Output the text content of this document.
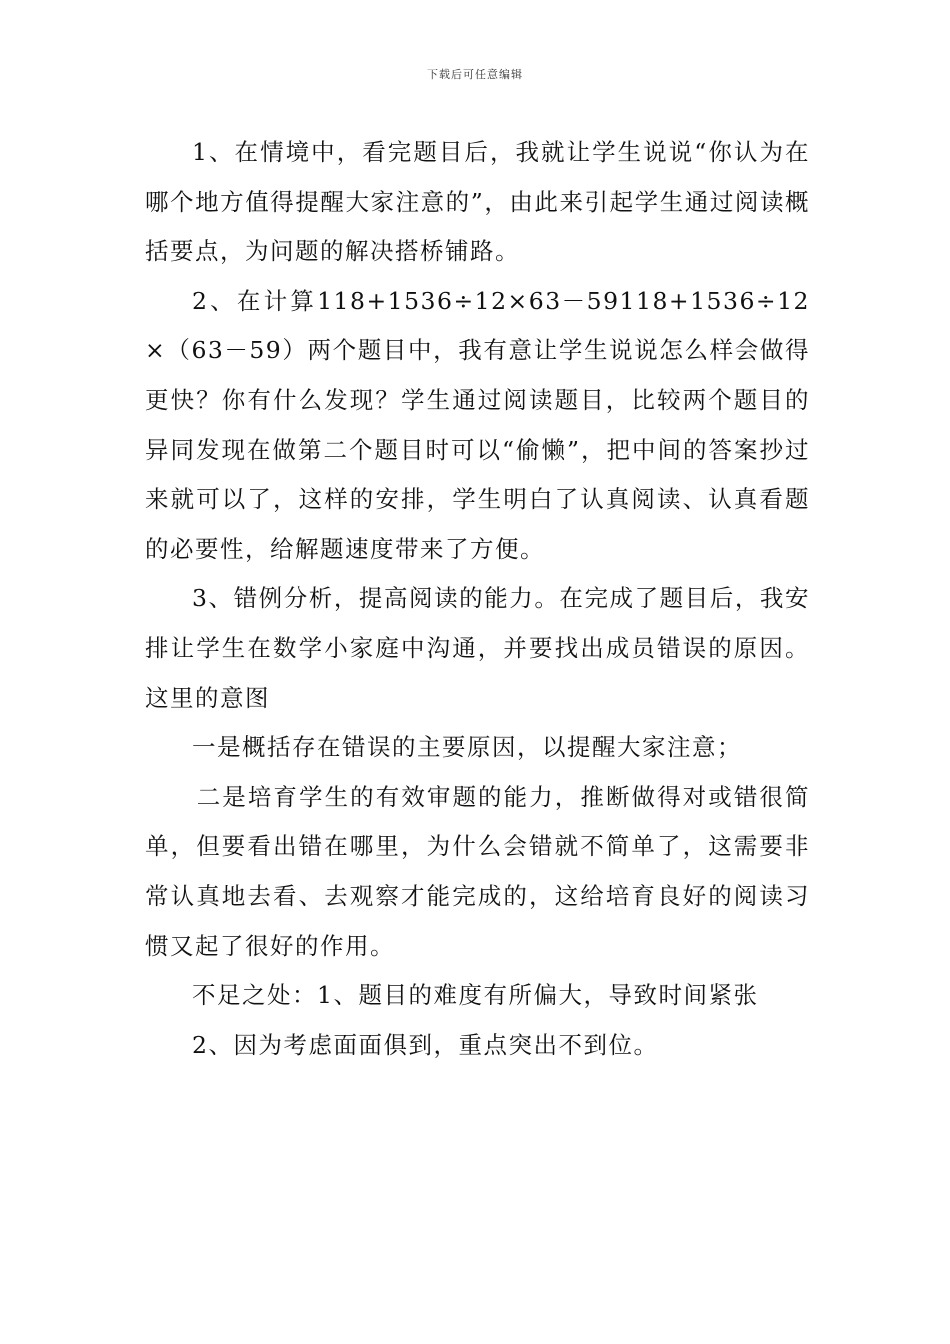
下载后可任意编辑

1、在情境中，看完题目后，我就让学生说说“你认为在哪个地方值得提醒大家注意的”，由此来引起学生通过阅读概括要点，为问题的解决搭桥铺路。

2、在计算118+1536÷12×63－59118+1536÷12×（63－59）两个题目中，我有意让学生说说怎么样会做得更快？你有什么发现？学生通过阅读题目，比较两个题目的异同发现在做第二个题目时可以“偷懒”，把中间的答案抄过来就可以了，这样的安排，学生明白了认真阅读、认真看题的必要性，给解题速度带来了方便。

3、错例分析，提高阅读的能力。在完成了题目后，我安排让学生在数学小家庭中沟通，并要找出成员错误的原因。这里的意图

一是概括存在错误的主要原因，以提醒大家注意；

二是培育学生的有效审题的能力，推断做得对或错很简单，但要看出错在哪里，为什么会错就不简单了，这需要非常认真地去看、去观察才能完成的，这给培育良好的阅读习惯又起了很好的作用。

不足之处：1、题目的难度有所偏大，导致时间紧张

2、因为考虑面面俱到，重点突出不到位。
